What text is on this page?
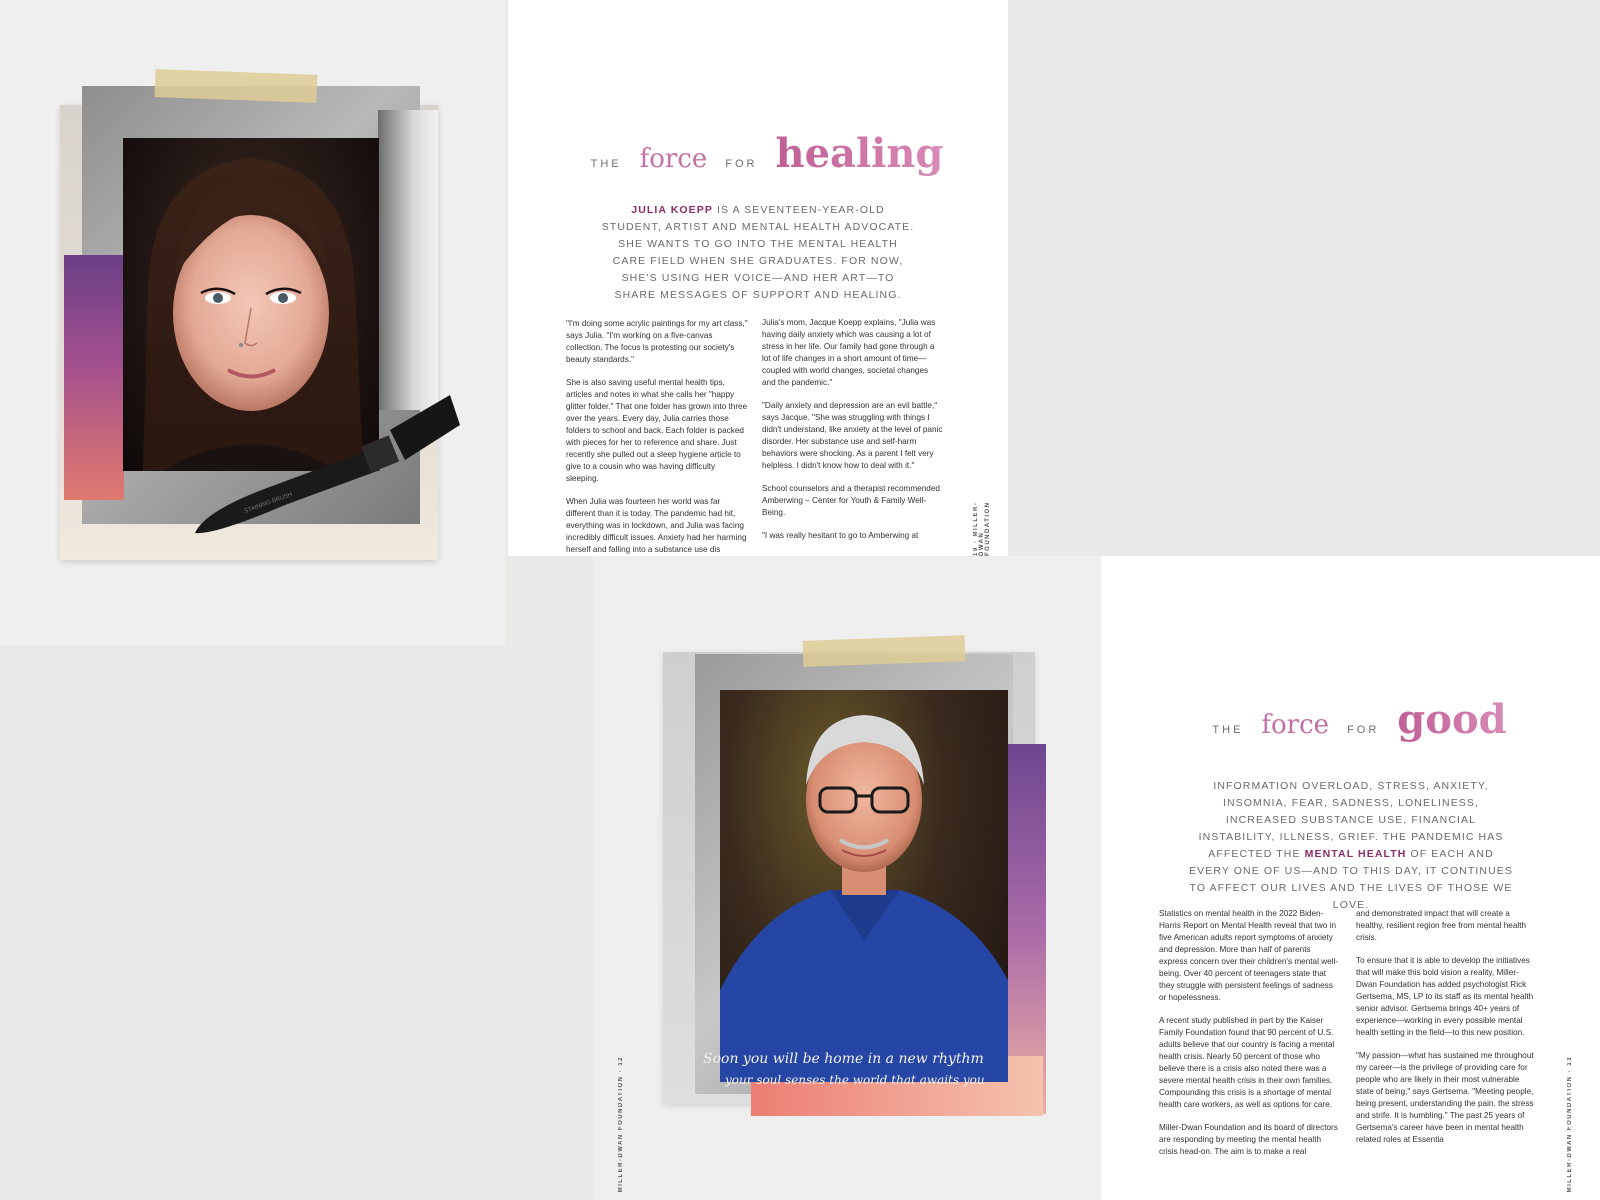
STAINING BRUSH
THE force FOR healing
JULIA KOEPP IS A SEVENTEEN-YEAR-OLD STUDENT, ARTIST AND MENTAL HEALTH ADVOCATE. SHE WANTS TO GO INTO THE MENTAL HEALTH CARE FIELD WHEN SHE GRADUATES. FOR NOW, SHE'S USING HER VOICE—AND HER ART—TO SHARE MESSAGES OF SUPPORT AND HEALING.

"I'm doing some acrylic paintings for my art class," says Julia. "I'm working on a five-canvas collection. The focus is protesting our society's beauty standards."

She is also saving useful mental health tips, articles and notes in what she calls her "happy glitter folder." That one folder has grown into three over the years. Every day, Julia carries those folders to school and back. Each folder is packed with pieces for her to reference and share. Just recently she pulled out a sleep hygiene article to give to a cousin who was having difficulty sleeping.

When Julia was fourteen her world was far different than it is today. The pandemic had hit, everything was in lockdown, and Julia was facing incredibly difficult issues. Anxiety had her harming herself and falling into a substance use dis

Julia's mom, Jacque Koepp explains, "Julia was having daily anxiety which was causing a lot of stress in her life. Our family had gone through a lot of life changes in a short amount of time—coupled with world changes, societal changes and the pandemic."

"Daily anxiety and depression are an evil battle," says Jacque. "She was struggling with things I didn't understand, like anxiety at the level of panic disorder. Her substance use and self-harm behaviors were shocking. As a parent I felt very helpless. I didn't know how to deal with it."

School counselors and a therapist recommended Amberwing – Center for Youth & Family Well-Being.

"I was really hesitant to go to Amberwing at	19 · MILLER-DWAN FOUNDATION
Soon you will be home in a new rhythm
your soul senses the world that awaits you
MILLER-DWAN FOUNDATION · 12
THE force FOR good
INFORMATION OVERLOAD, STRESS, ANXIETY, INSOMNIA, FEAR, SADNESS, LONELINESS, INCREASED SUBSTANCE USE, FINANCIAL INSTABILITY, ILLNESS, GRIEF. THE PANDEMIC HAS AFFECTED THE MENTAL HEALTH OF EACH AND EVERY ONE OF US—AND TO THIS DAY, IT CONTINUES TO AFFECT OUR LIVES AND THE LIVES OF THOSE WE LOVE.

Statistics on mental health in the 2022 Biden-Harris Report on Mental Health reveal that two in five American adults report symptoms of anxiety and depression. More than half of parents express concern over their children's mental well-being. Over 40 percent of teenagers state that they struggle with persistent feelings of sadness or hopelessness.

A recent study published in part by the Kaiser Family Foundation found that 90 percent of U.S. adults believe that our country is facing a mental health crisis. Nearly 50 percent of those who believe there is a crisis also noted there was a severe mental health crisis in their own families. Compounding this crisis is a shortage of mental health care workers, as well as options for care.

Miller-Dwan Foundation and its board of directors are responding by meeting the mental health crisis head-on. The aim is to make a real

and demonstrated impact that will create a healthy, resilient region free from mental health crisis.

To ensure that it is able to develop the initiatives that will make this bold vision a reality, Miller-Dwan Foundation has added psychologist Rick Gertsema, MS, LP to its staff as its mental health senior advisor. Gertsema brings 40+ years of experience—working in every possible mental health setting in the field—to this new position.

"My passion—what has sustained me throughout my career—is the privilege of providing care for people who are likely in their most vulnerable state of being," says Gertsema. "Meeting people, being present, understanding the pain, the stress and strife. It is humbling." The past 25 years of Gertsema's career have been in mental health related roles at Essentia	MILLER-DWAN FOUNDATION · 13
